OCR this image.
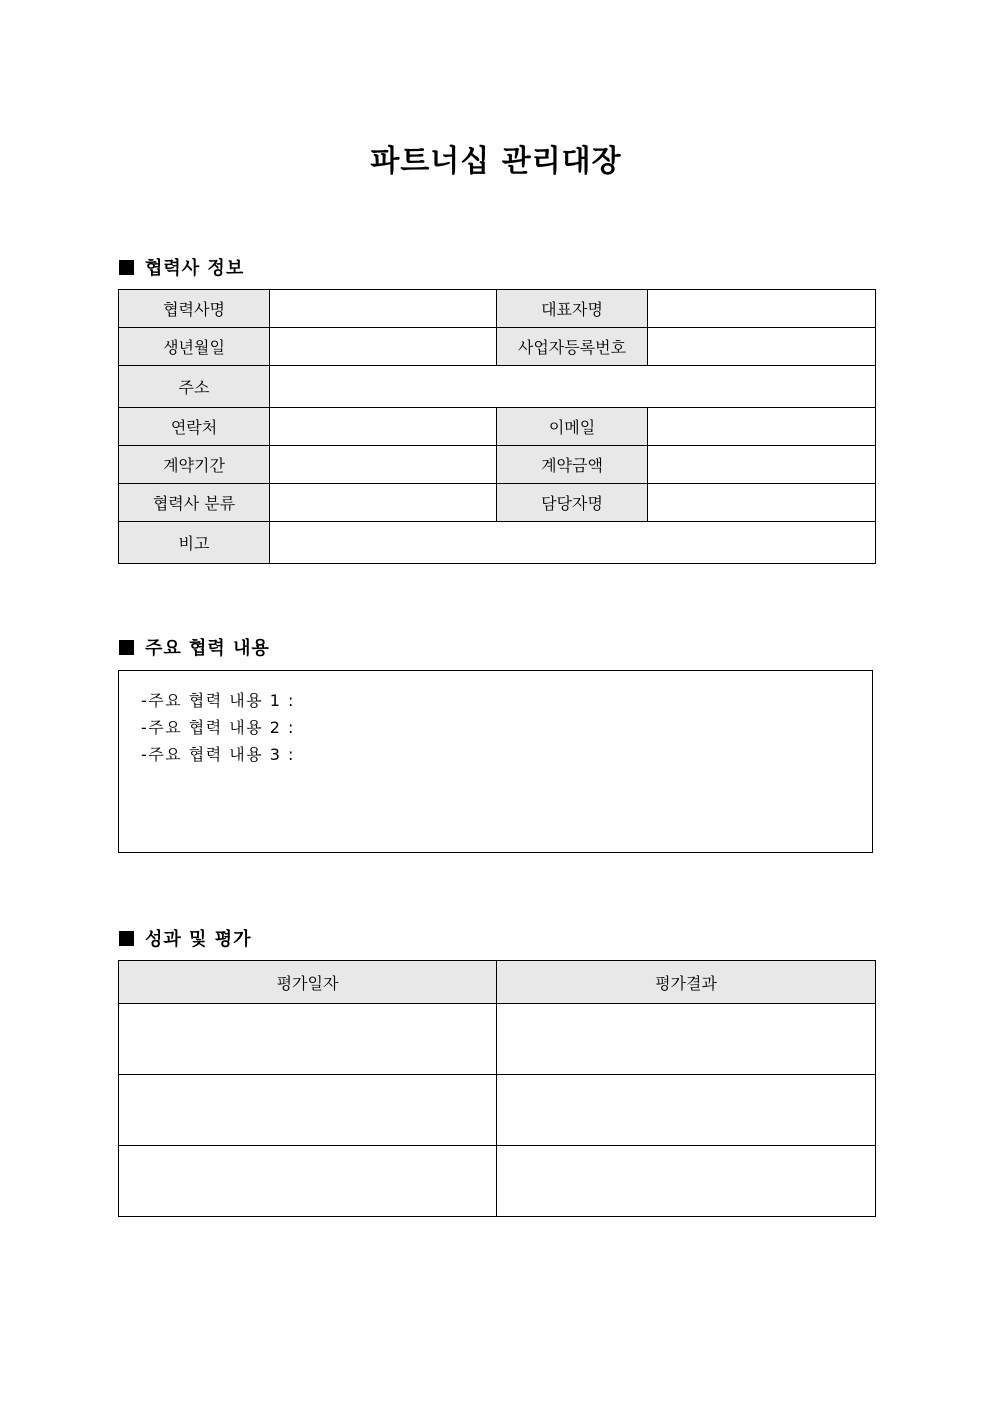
파트너십 관리대장
협력사 정보
협력사명		대표자명	
생년월일		사업자등록번호	
주소			
연락처		이메일	
계약기간		계약금액	
협력사 분류		담당자명	
비고			
주요 협력 내용
-주요 협력 내용 1 :
-주요 협력 내용 2 :
-주요 협력 내용 3 :
성과 및 평가
평가일자	평가결과
